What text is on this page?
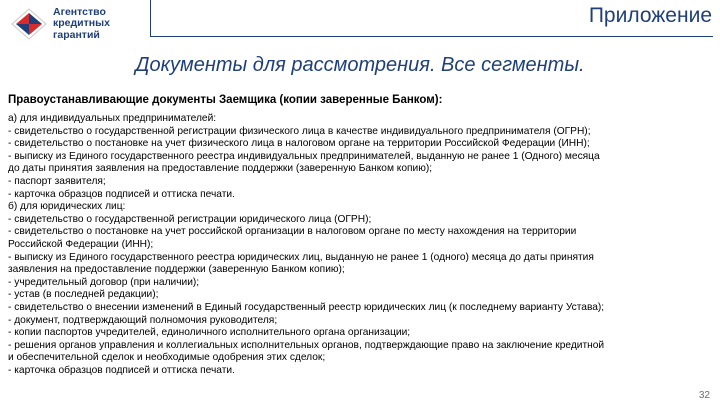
Агентство
кредитных
гарантий
Приложение
Документы для рассмотрения. Все сегменты.
Правоустанавливающие документы Заемщика (копии заверенные Банком):
а) для индивидуальных предпринимателей:
- свидетельство о государственной регистрации физического лица в качестве индивидуального предпринимателя (ОГРН);
- свидетельство о постановке на учет физического лица в налоговом органе на территории Российской Федерации (ИНН);
- выписку из Единого государственного реестра индивидуальных предпринимателей, выданную не ранее 1 (Одного) месяца
до даты принятия заявления на предоставление поддержки (заверенную Банком копию);
- паспорт заявителя;
- карточка образцов подписей и оттиска печати.
б) для юридических лиц:
- свидетельство о государственной регистрации юридического лица (ОГРН);
- свидетельство о постановке на учет российской организации в налоговом органе по месту нахождения на территории
Российской Федерации (ИНН);
- выписку из Единого государственного реестра юридических лиц, выданную не ранее 1 (одного) месяца до даты принятия
заявления на предоставление поддержки (заверенную Банком копию);
- учредительный договор (при наличии);
- устав (в последней редакции);
- свидетельство о внесении изменений в Единый государственный реестр юридических лиц (к последнему варианту Устава);
- документ, подтверждающий полномочия руководителя;
- копии паспортов учредителей, единоличного исполнительного органа организации;
- решения органов управления и коллегиальных исполнительных органов, подтверждающие право на заключение кредитной
и обеспечительной сделок и необходимые одобрения этих сделок;
- карточка образцов подписей и оттиска печати.
32
